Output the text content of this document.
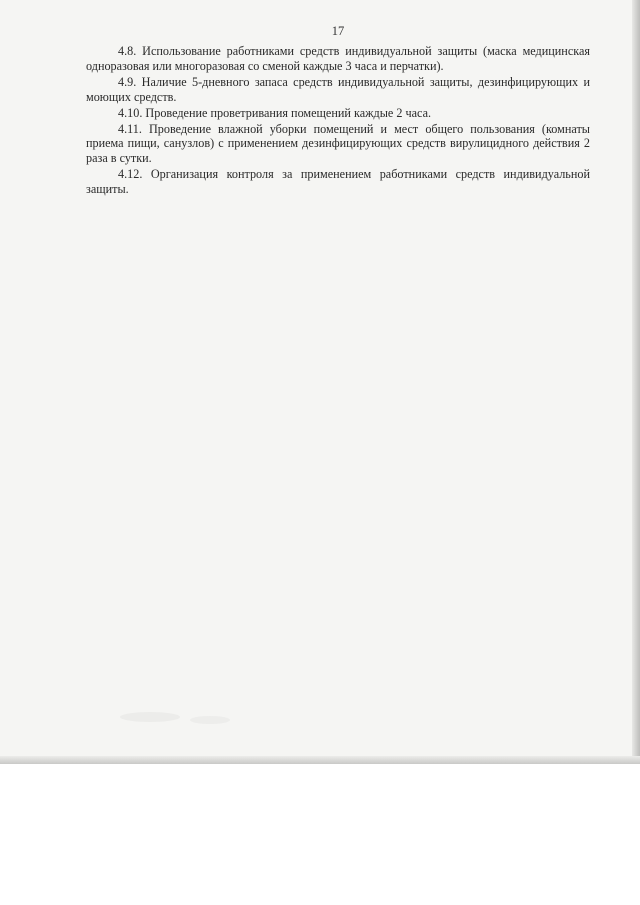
17

4.8. Использование работниками средств индивидуальной защиты (маска медицинская одноразовая или многоразовая со сменой каждые 3 часа и перчатки).

4.9. Наличие 5-дневного запаса средств индивидуальной защиты, дезинфицирующих и моющих средств.

4.10. Проведение проветривания помещений каждые 2 часа.

4.11. Проведение влажной уборки помещений и мест общего пользования (комнаты приема пищи, санузлов) с применением дезинфицирующих средств вирулицидного действия 2 раза в сутки.

4.12. Организация контроля за применением работниками средств индивидуальной защиты.
